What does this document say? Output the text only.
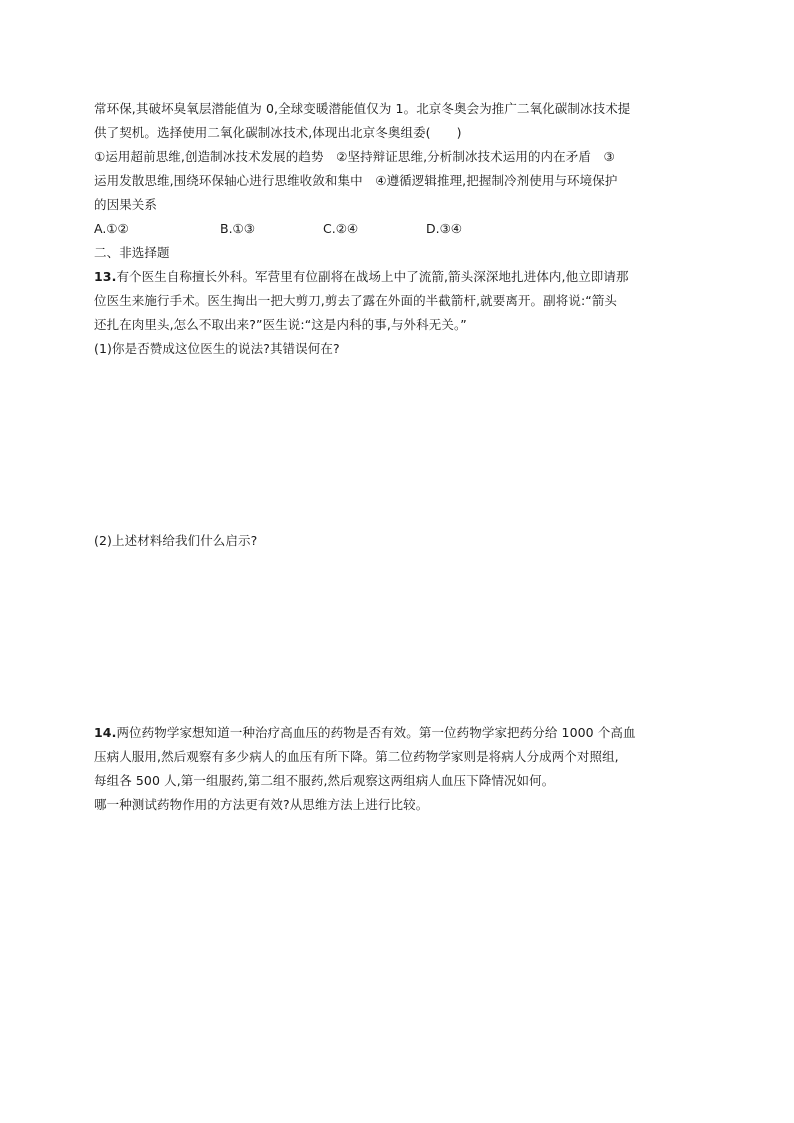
常环保,其破坏臭氧层潜能值为 0,全球变暖潜能值仅为 1。北京冬奥会为推广二氧化碳制冰技术提
供了契机。选择使用二氧化碳制冰技术,体现出北京冬奥组委( )
①运用超前思维,创造制冰技术发展的趋势　②坚持辩证思维,分析制冰技术运用的内在矛盾　③
运用发散思维,围绕环保轴心进行思维收敛和集中　④遵循逻辑推理,把握制冷剂使用与环境保护
的因果关系
A.①②	B.①③	C.②④	D.③④
二、非选择题
13.有个医生自称擅长外科。军营里有位副将在战场上中了流箭,箭头深深地扎进体内,他立即请那
位医生来施行手术。医生掏出一把大剪刀,剪去了露在外面的半截箭杆,就要离开。副将说:“箭头
还扎在肉里头,怎么不取出来?”医生说:“这是内科的事,与外科无关。”
(1)你是否赞成这位医生的说法?其错误何在?
(2)上述材料给我们什么启示?
14.两位药物学家想知道一种治疗高血压的药物是否有效。第一位药物学家把药分给 1000 个高血
压病人服用,然后观察有多少病人的血压有所下降。第二位药物学家则是将病人分成两个对照组,
每组各 500 人,第一组服药,第二组不服药,然后观察这两组病人血压下降情况如何。
哪一种测试药物作用的方法更有效?从思维方法上进行比较。
